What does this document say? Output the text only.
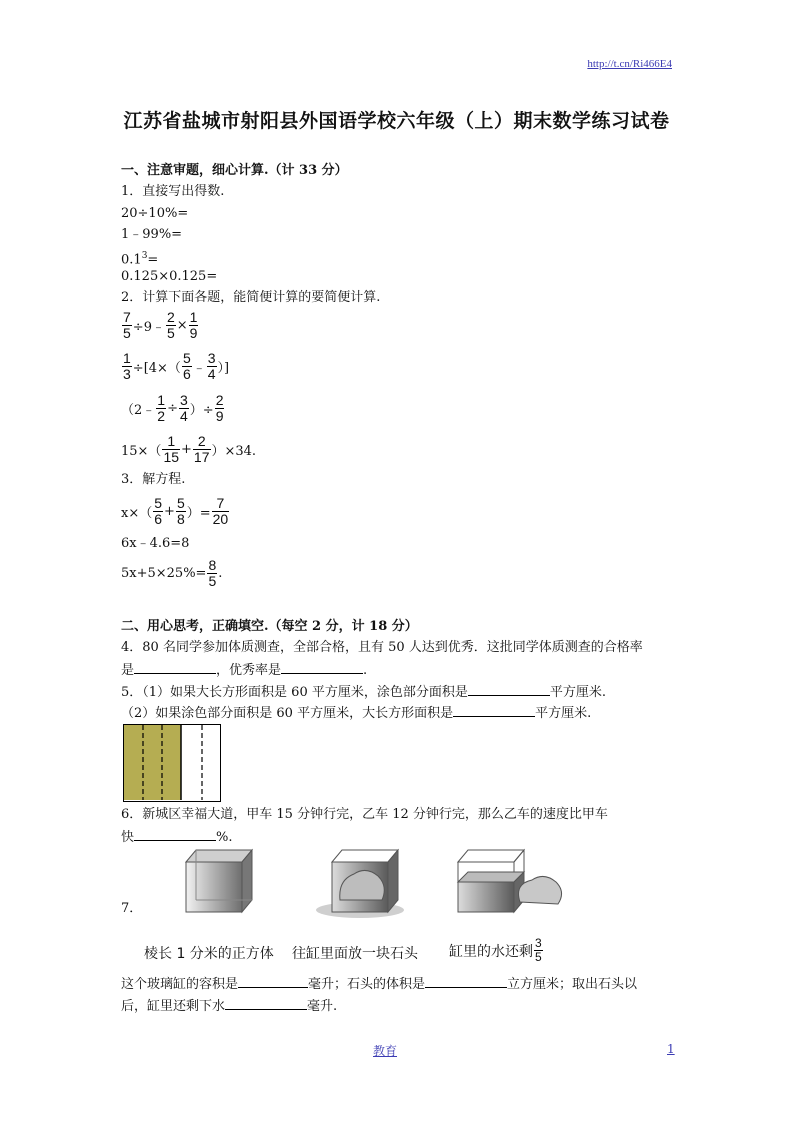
http://t.cn/Ri466E4
江苏省盐城市射阳县外国语学校六年级（上）期末数学练习试卷
一、注意审题，细心计算.（计 33 分）
1．直接写出得数.
20÷10%=
1﹣99%=
$0.1^3=$
0.125×0.125=
2．计算下面各题，能简便计算的要简便计算.
$\frac{7}{5}$ ÷9﹣ $\frac{2}{5} \times \frac{1}{9}$
$\frac{1}{3} \div[4\times( \frac{5}{6}$ ﹣ $\frac{3}{4}$ ）]
（2﹣ $\frac{1}{2} \div \frac{3}{4}$ ）÷ $\frac{2}{9}$
$15\times( \frac{1}{15} + \frac{2}{17} )\times 34$.
3．解方程.
$x\times( \frac{5}{6} + \frac{5}{8}$ ）= $\frac{7}{20}$
6x﹣4.6=8
$5x+5\times 25\%= \frac{8}{5}$ .
二、用心思考，正确填空.（每空 2 分，计 18 分）
4．80 名同学参加体质测查，全部合格，且有 50 人达到优秀．这批同学体质测查的合格率
是	，优秀率是	.
5．（1）如果大长方形面积是 60 平方厘米，涂色部分面积是	平方厘米.
（2）如果涂色部分面积是 60 平方厘米，大长方形面积是	平方厘米.
6．新城区幸福大道，甲车 15 分钟行完，乙车 12 分钟行完，那么乙车的速度比甲车
快	%.
7．
棱长 1 分米的正方体 往缸里面放一块石头 缸里的水还剩 $\frac{3}{5}$
这个玻璃缸的容积是	毫升；石头的体积是	立方厘米；取出石头以
后，缸里还剩下水	毫升.
教育	1
